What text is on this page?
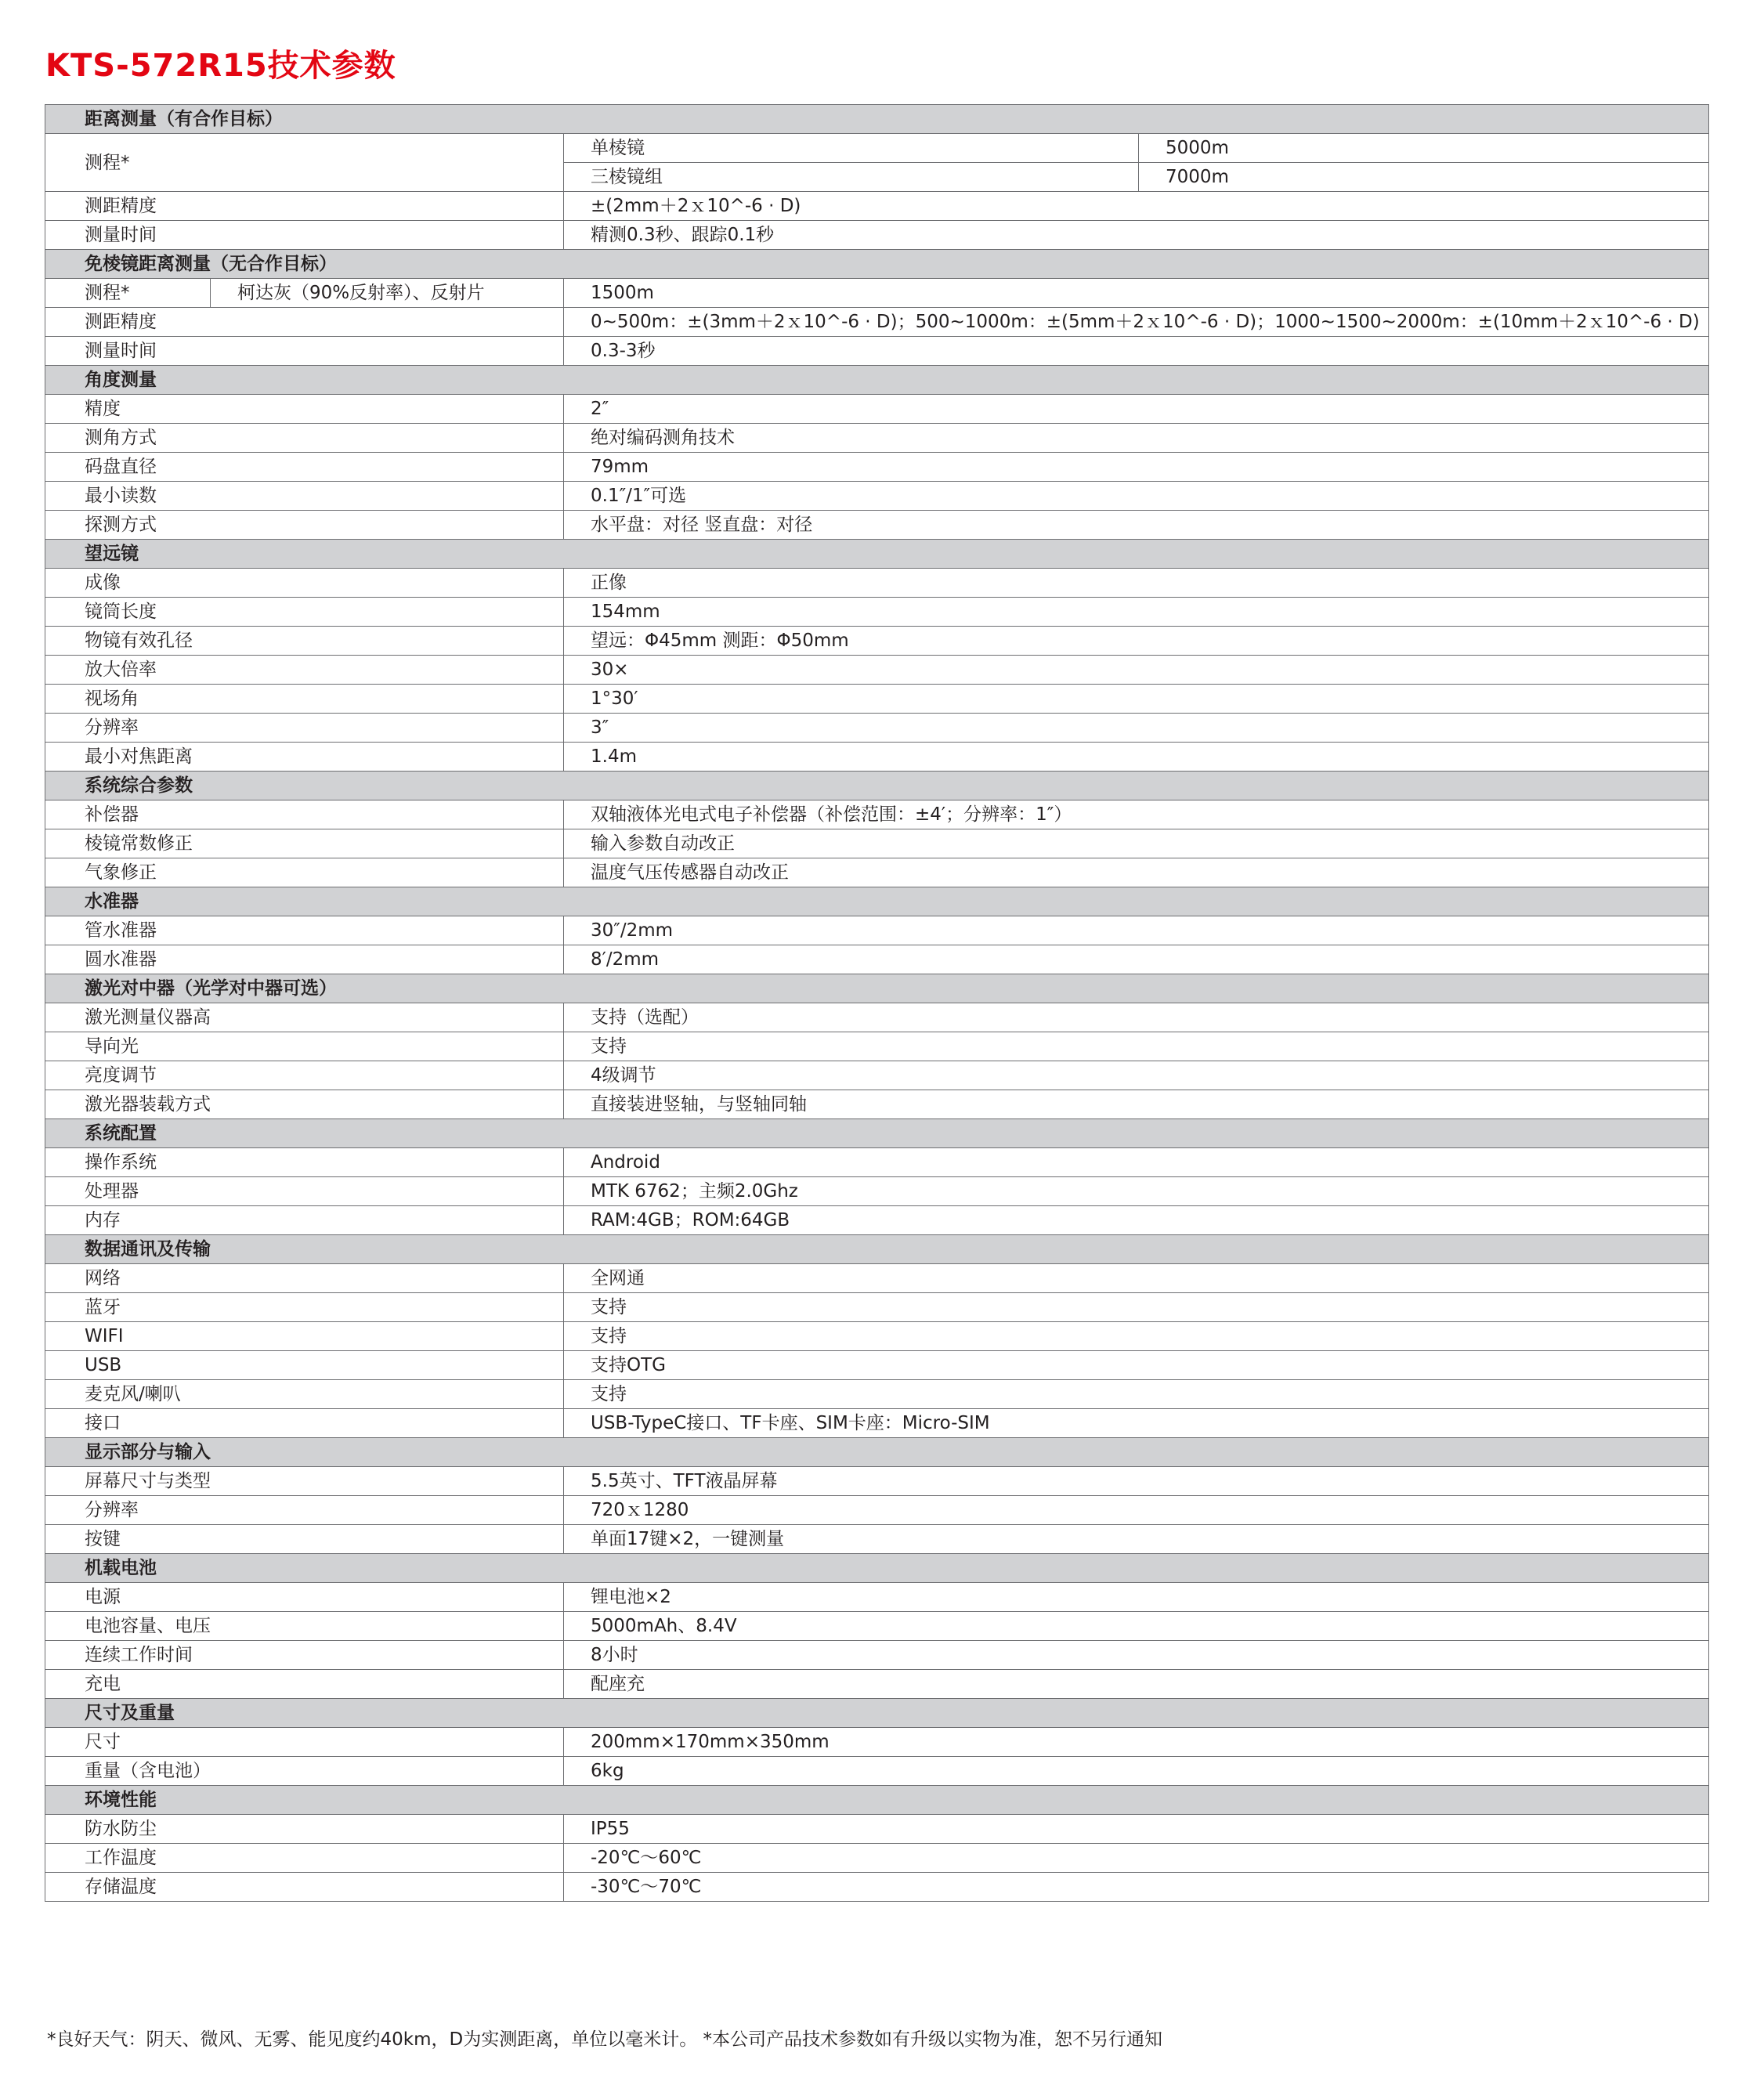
KTS-572R15技术参数
距离测量（有合作目标）			
测程*		单棱镜	5000m
		三棱镜组	7000m
测距精度		±(2mm＋2ｘ10^-6 · D)	
测量时间		精测0.3秒、跟踪0.1秒	
免棱镜距离测量（无合作目标）			
测程*	柯达灰（90%反射率）、反射片	1500m	
测距精度		0~500m：±(3mm＋2ｘ10^-6 · D)；500~1000m：±(5mm＋2ｘ10^-6 · D)；1000~1500~2000m：±(10mm＋2ｘ10^-6 · D)	
测量时间		0.3-3秒	
角度测量			
精度		2″	
测角方式		绝对编码测角技术	
码盘直径		79mm	
最小读数		0.1″/1″可选	
探测方式		水平盘：对径 竖直盘：对径	
望远镜			
成像		正像	
镜筒长度		154mm	
物镜有效孔径		望远：Φ45mm 测距：Φ50mm	
放大倍率		30×	
视场角		1°30′	
分辨率		3″	
最小对焦距离		1.4m	
系统综合参数			
补偿器		双轴液体光电式电子补偿器（补偿范围：±4′；分辨率：1″）	
棱镜常数修正		输入参数自动改正	
气象修正		温度气压传感器自动改正	
水准器			
管水准器		30″/2mm	
圆水准器		8′/2mm	
激光对中器（光学对中器可选）			
激光测量仪器高		支持（选配）	
导向光		支持	
亮度调节		4级调节	
激光器装载方式		直接装进竖轴，与竖轴同轴	
系统配置			
操作系统		Android	
处理器		MTK 6762；主频2.0Ghz	
内存		RAM:4GB；ROM:64GB	
数据通讯及传输			
网络		全网通	
蓝牙		支持	
WIFI		支持	
USB		支持OTG	
麦克风/喇叭		支持	
接口		USB-TypeC接口、TF卡座、SIM卡座：Micro-SIM	
显示部分与输入			
屏幕尺寸与类型		5.5英寸、TFT液晶屏幕	
分辨率		720ｘ1280	
按键		单面17键×2，一键测量	
机载电池			
电源		锂电池×2	
电池容量、电压		5000mAh、8.4V	
连续工作时间		8小时	
充电		配座充	
尺寸及重量			
尺寸		200mm×170mm×350mm	
重量（含电池）		6kg	
环境性能			
防水防尘		IP55	
工作温度		-20℃～60℃	
存储温度		-30℃～70℃	

*良好天气：阴天、微风、无雾、能见度约40km，D为实测距离，单位以毫米计。 *本公司产品技术参数如有升级以实物为准，恕不另行通知
